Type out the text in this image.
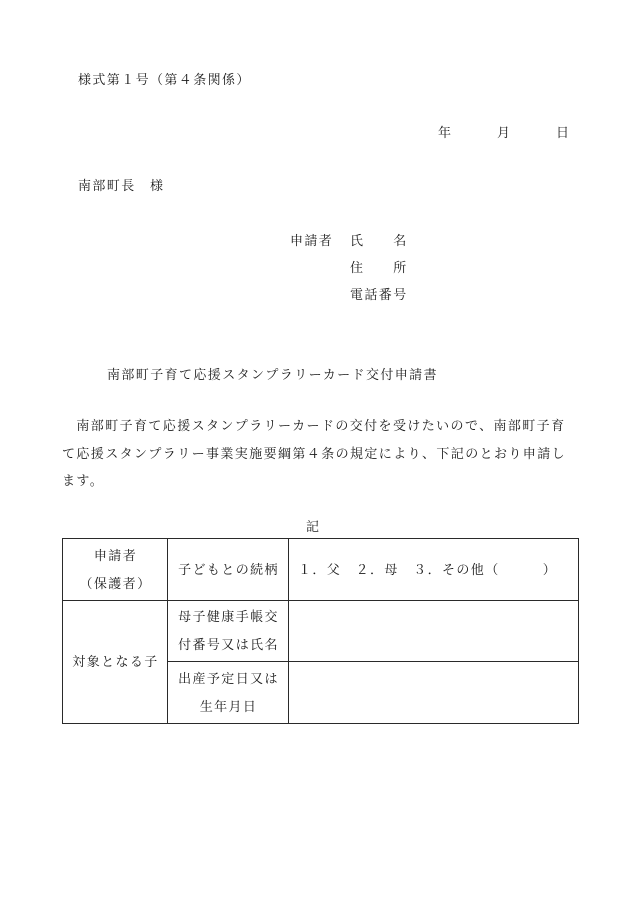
様式第１号（第４条関係）
年	月	日
南部町長　様
申請者 氏　　名
住　　所
電話番号
南部町子育て応援スタンプラリーカード交付申請書
　南部町子育て応援スタンプラリーカードの交付を受けたいので、南部町子育
て応援スタンプラリー事業実施要綱第４条の規定により、下記のとおり申請し
ます。
記
申請者
（保護者）	子どもとの続柄	１．父　２．母　３．その他（　　　）

対象となる子	母子健康手帳交
付番号又は氏名	

	出産予定日又は
生年月日	
